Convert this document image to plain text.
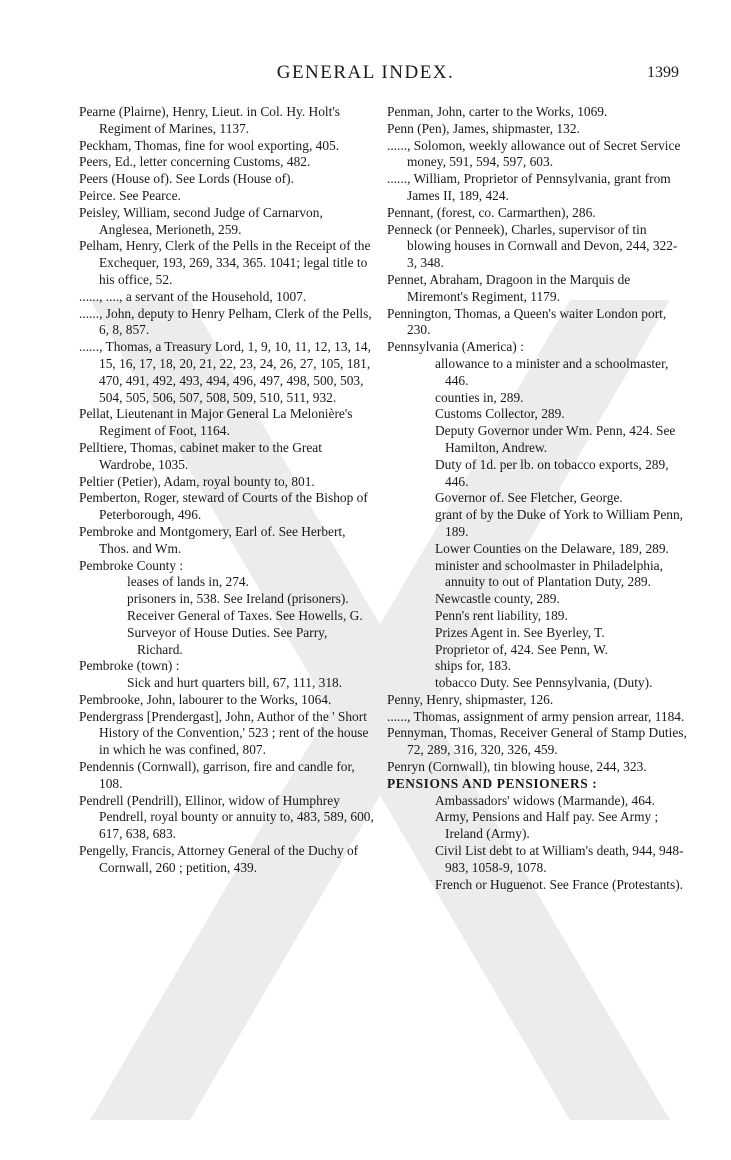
GENERAL INDEX.	1399

Pearne (Plairne), Henry, Lieut. in Col. Hy. Holt's Regiment of Marines, 1137.

Peckham, Thomas, fine for wool exporting, 405.

Peers, Ed., letter concerning Customs, 482.

Peers (House of). See Lords (House of).

Peirce. See Pearce.

Peisley, William, second Judge of Carnarvon, Anglesea, Merioneth, 259.

Pelham, Henry, Clerk of the Pells in the Receipt of the Exchequer, 193, 269, 334, 365. 1041; legal title to his office, 52.

......, ...., a servant of the Household, 1007.

......, John, deputy to Henry Pelham, Clerk of the Pells, 6, 8, 857.

......, Thomas, a Treasury Lord, 1, 9, 10, 11, 12, 13, 14, 15, 16, 17, 18, 20, 21, 22, 23, 24, 26, 27, 105, 181, 470, 491, 492, 493, 494, 496, 497, 498, 500, 503, 504, 505, 506, 507, 508, 509, 510, 511, 932.

Pellat, Lieutenant in Major General La Melonière's Regiment of Foot, 1164.

Pelltiere, Thomas, cabinet maker to the Great Wardrobe, 1035.

Peltier (Petier), Adam, royal bounty to, 801.

Pemberton, Roger, steward of Courts of the Bishop of Peterborough, 496.

Pembroke and Montgomery, Earl of. See Herbert, Thos. and Wm.

Pembroke County :

leases of lands in, 274.

prisoners in, 538. See Ireland (prisoners).

Receiver General of Taxes. See Howells, G.

Surveyor of House Duties. See Parry, Richard.

Pembroke (town) :

Sick and hurt quarters bill, 67, 111, 318.

Pembrooke, John, labourer to the Works, 1064.

Pendergrass [Prendergast], John, Author of the ' Short History of the Convention,' 523 ; rent of the house in which he was confined, 807.

Pendennis (Cornwall), garrison, fire and candle for, 108.

Pendrell (Pendrill), Ellinor, widow of Humphrey Pendrell, royal bounty or annuity to, 483, 589, 600, 617, 638, 683.

Pengelly, Francis, Attorney General of the Duchy of Cornwall, 260 ; petition, 439.

Penman, John, carter to the Works, 1069.

Penn (Pen), James, shipmaster, 132.

......, Solomon, weekly allowance out of Secret Service money, 591, 594, 597, 603.

......, William, Proprietor of Pennsylvania, grant from James II, 189, 424.

Pennant, (forest, co. Carmarthen), 286.

Penneck (or Penneek), Charles, supervisor of tin blowing houses in Cornwall and Devon, 244, 322-3, 348.

Pennet, Abraham, Dragoon in the Marquis de Miremont's Regiment, 1179.

Pennington, Thomas, a Queen's waiter London port, 230.

Pennsylvania (America) :

allowance to a minister and a schoolmaster, 446.

counties in, 289.

Customs Collector, 289.

Deputy Governor under Wm. Penn, 424. See Hamilton, Andrew.

Duty of 1d. per lb. on tobacco exports, 289, 446.

Governor of. See Fletcher, George.

grant of by the Duke of York to William Penn, 189.

Lower Counties on the Delaware, 189, 289.

minister and schoolmaster in Philadelphia, annuity to out of Plantation Duty, 289.

Newcastle county, 289.

Penn's rent liability, 189.

Prizes Agent in. See Byerley, T.

Proprietor of, 424. See Penn, W.

ships for, 183.

tobacco Duty. See Pennsylvania, (Duty).

Penny, Henry, shipmaster, 126.

......, Thomas, assignment of army pension arrear, 1184.

Pennyman, Thomas, Receiver General of Stamp Duties, 72, 289, 316, 320, 326, 459.

Penryn (Cornwall), tin blowing house, 244, 323.

PENSIONS AND PENSIONERS :

Ambassadors' widows (Marmande), 464.

Army, Pensions and Half pay. See Army ; Ireland (Army).

Civil List debt to at William's death, 944, 948-983, 1058-9, 1078.

French or Huguenot. See France (Protestants).
